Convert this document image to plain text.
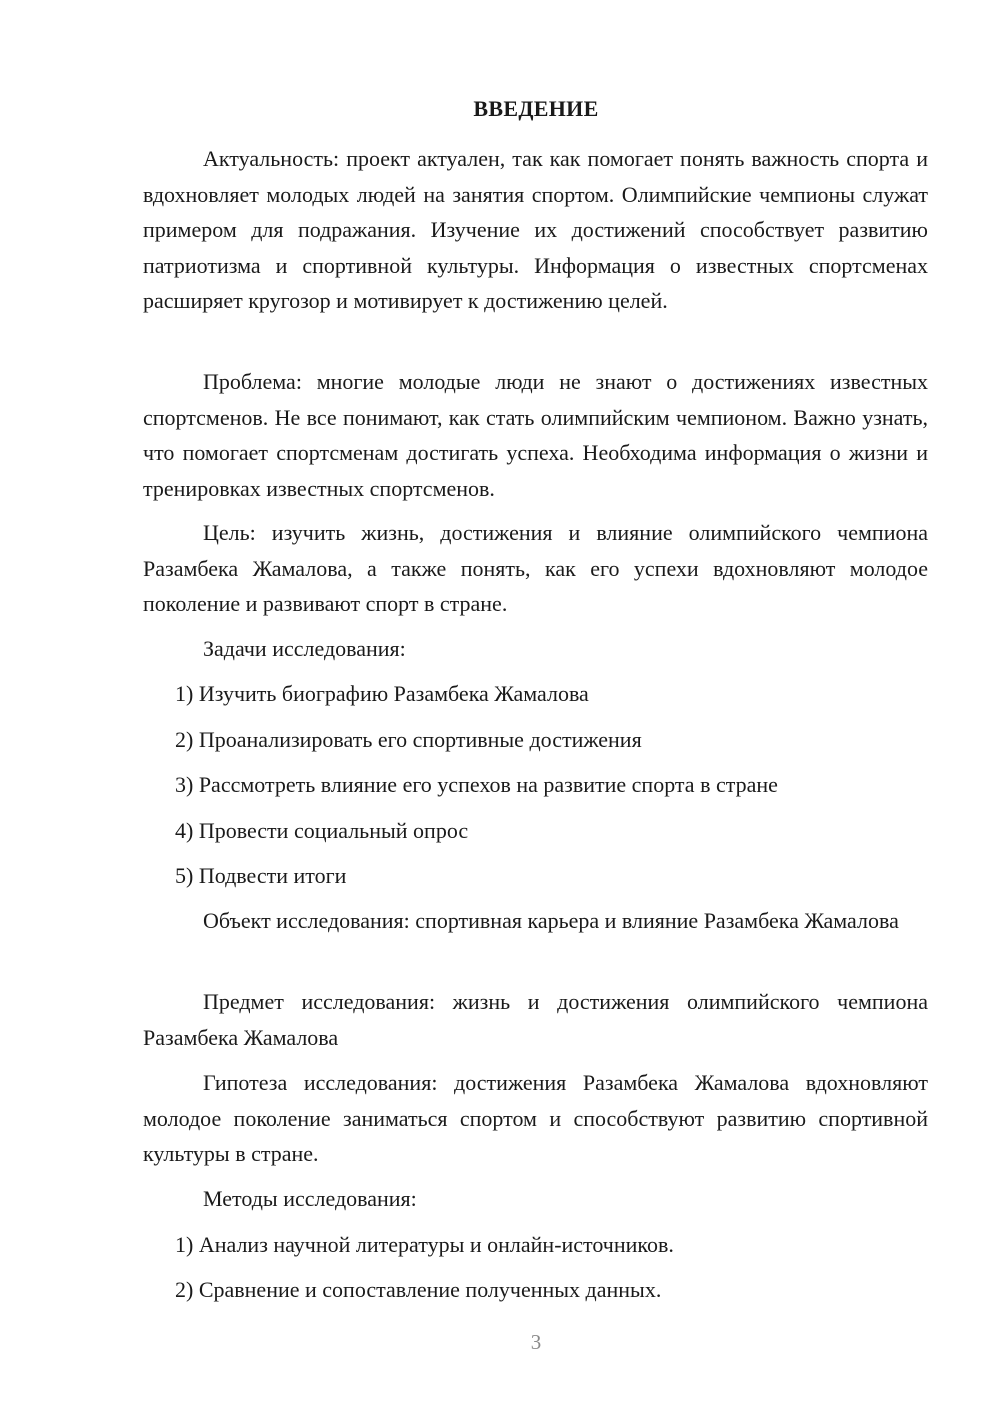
ВВЕДЕНИЕ

Актуальность: проект актуален, так как помогает понять важность спорта и вдохновляет молодых людей на занятия спортом. Олимпийские чемпионы служат примером для подражания. Изучение их достижений способствует развитию патриотизма и спортивной культуры. Информация о известных спортсменах расширяет кругозор и мотивирует к достижению целей.

Проблема: многие молодые люди не знают о достижениях известных спортсменов. Не все понимают, как стать олимпийским чемпионом. Важно узнать, что помогает спортсменам достигать успеха. Необходима информация о жизни и тренировках известных спортсменов.

Цель: изучить жизнь, достижения и влияние олимпийского чемпиона Разамбека Жамалова, а также понять, как его успехи вдохновляют молодое поколение и развивают спорт в стране.

Задачи исследования:

1) Изучить биографию Разамбека Жамалова

2) Проанализировать его спортивные достижения

3) Рассмотреть влияние его успехов на развитие спорта в стране

4) Провести социальный опрос

5) Подвести итоги

Объект исследования: спортивная карьера и влияние Разамбека Жамалова

Предмет исследования: жизнь и достижения олимпийского чемпиона Разамбека Жамалова

Гипотеза исследования: достижения Разамбека Жамалова вдохновляют молодое поколение заниматься спортом и способствуют развитию спортивной культуры в стране.

Методы исследования:

1) Анализ научной литературы и онлайн-источников.

2) Сравнение и сопоставление полученных данных.

3
